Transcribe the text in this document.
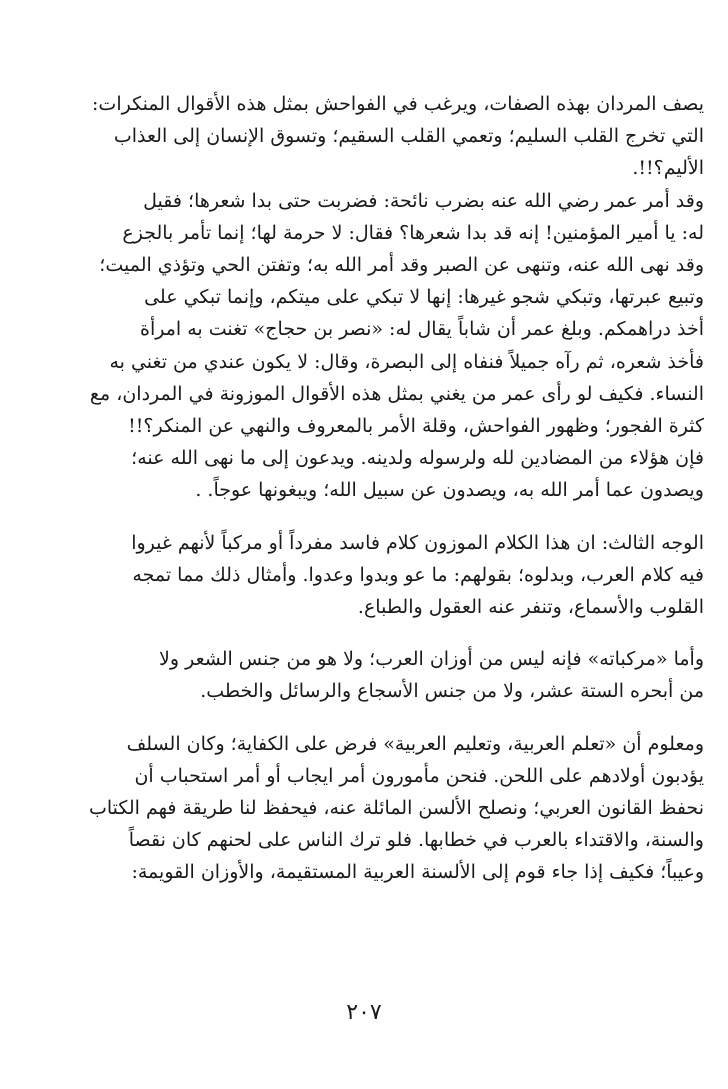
يصف المردان بهذه الصفات، ويرغب في الفواحش بمثل هذه الأقوال المنكرات:
التي تخرج القلب السليم؛ وتعمي القلب السقيم؛ وتسوق الإنسان إلى العذاب
الأليم؟!!.

وقد أمر عمر رضي الله عنه بضرب نائحة: فضربت حتى بدا شعرها؛ فقيل
له: يا أمير المؤمنين! إنه قد بدا شعرها؟ فقال: لا حرمة لها؛ إنما تأمر بالجزع
وقد نهى الله عنه، وتنهى عن الصبر وقد أمر الله به؛ وتفتن الحي وتؤذي الميت؛
وتبيع عبرتها، وتبكي شجو غيرها: إنها لا تبكي على ميتكم، وإنما تبكي على
أخذ دراهمكم. وبلغ عمر أن شاباً يقال له: «نصر بن حجاج» تغنت به امرأة
فأخذ شعره، ثم رآه جميلاً فنفاه إلى البصرة، وقال: لا يكون عندي من تغني به
النساء. فكيف لو رأى عمر من يغني بمثل هذه الأقوال الموزونة في المردان، مع
كثرة الفجور؛ وظهور الفواحش، وقلة الأمر بالمعروف والنهي عن المنكر؟!!
فإن هؤلاء من المضادين لله ولرسوله ولدينه. ويدعون إلى ما نهى الله عنه؛
ويصدون عما أمر الله به، ويصدون عن سبيل الله؛ ويبغونها عوجاً. .

الوجه الثالث: ان هذا الكلام الموزون كلام فاسد مفرداً أو مركباً لأنهم غيروا
فيه كلام العرب، وبدلوه؛ بقولهم: ما عو وبدوا وعدوا. وأمثال ذلك مما تمجه
القلوب والأسماع، وتنفر عنه العقول والطباع.

وأما «مركباته» فإنه ليس من أوزان العرب؛ ولا هو من جنس الشعر ولا
من أبحره الستة عشر، ولا من جنس الأسجاع والرسائل والخطب.

ومعلوم أن «تعلم العربية، وتعليم العربية» فرض على الكفاية؛ وكان السلف
يؤدبون أولادهم على اللحن. فنحن مأمورون أمر ايجاب أو أمر استحباب أن
نحفظ القانون العربي؛ ونصلح الألسن المائلة عنه، فيحفظ لنا طريقة فهم الكتاب
والسنة، والاقتداء بالعرب في خطابها. فلو ترك الناس على لحنهم كان نقصاً
وعيباً؛ فكيف إذا جاء قوم إلى الألسنة العربية المستقيمة، والأوزان القويمة:

٢٠٧
